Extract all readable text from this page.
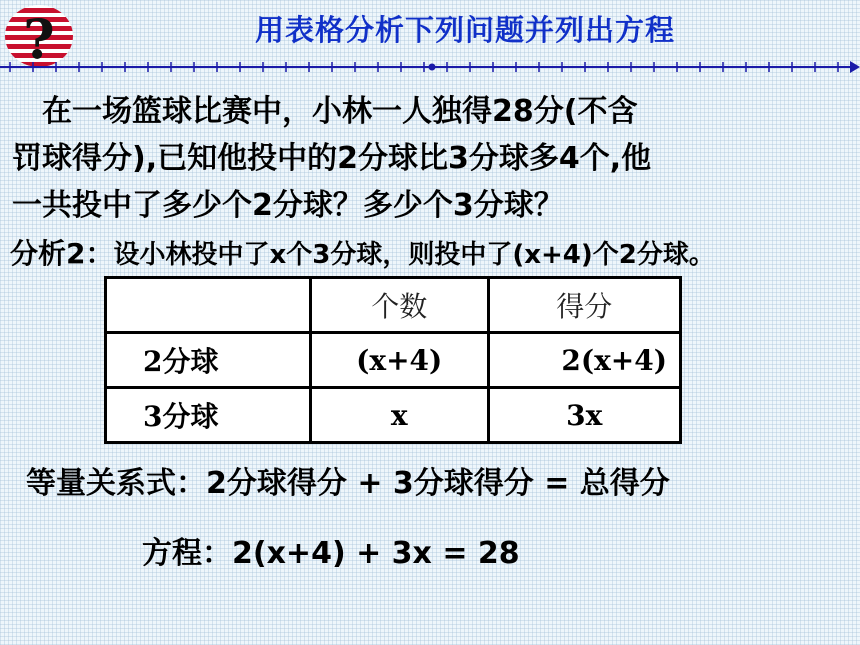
?	用表格分析下列问题并列出方程
　在一场篮球比赛中，小林一人独得28分(不含
罚球得分),已知他投中的2分球比3分球多4个,他
一共投中了多少个2分球？多少个3分球？
分析2：设小林投中了x个3分球，则投中了(x+4)个2分球。
	个数	得分
2分球	(x+4)	2(x+4)
3分球	x	3x
等量关系式：2分球得分 + 3分球得分 = 总得分
方程：2(x+4) + 3x = 28
